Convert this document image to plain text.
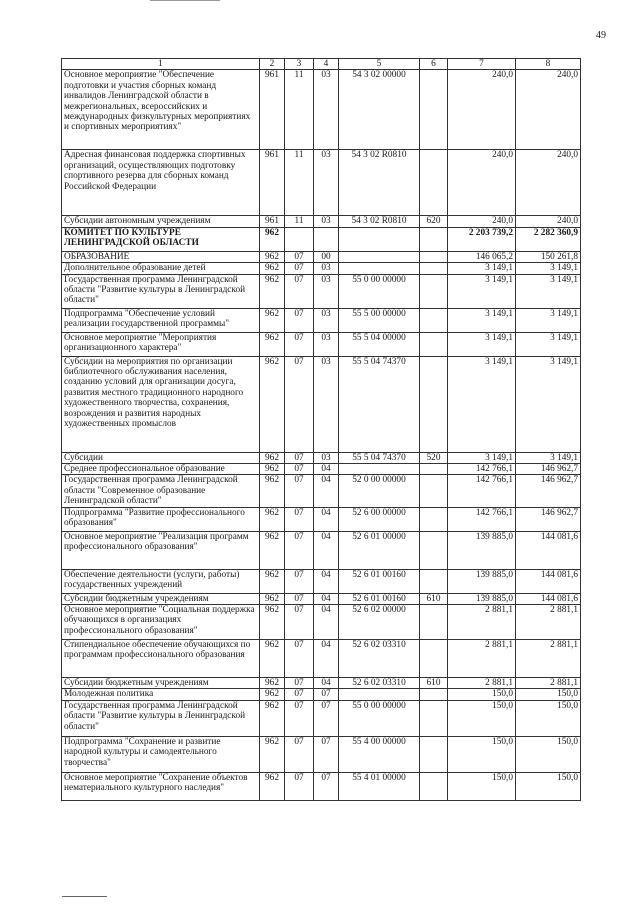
49
1	2	3	4	5	6	7	8
Основное мероприятие "Обеспечение подготовки и участия сборных команд инвалидов Ленинградской области в межрегиональных, всероссийских и международных физкультурных мероприятиях и спортивных мероприятиях"	961	11	03	54 3 02 00000		240,0	240,0
Адресная финансовая поддержка спортивных организаций, осуществляющих подготовку спортивного резерва для сборных команд Российской Федерации	961	11	03	54 3 02 R0810		240,0	240,0
Субсидии автономным учреждениям	961	11	03	54 3 02 R0810	620	240,0	240,0
КОМИТЕТ ПО КУЛЬТУРЕ ЛЕНИНГРАДСКОЙ ОБЛАСТИ	962					2 203 739,2	2 282 360,9
ОБРАЗОВАНИЕ	962	07	00			146 065,2	150 261,8
Дополнительное образование детей	962	07	03			3 149,1	3 149,1
Государственная программа Ленинградской области "Развитие культуры в Ленинградской области"	962	07	03	55 0 00 00000		3 149,1	3 149,1
Подпрограмма "Обеспечение условий реализации государственной программы"	962	07	03	55 5 00 00000		3 149,1	3 149,1
Основное мероприятие "Мероприятия организационного характера"	962	07	03	55 5 04 00000		3 149,1	3 149,1
Субсидии на мероприятия по организации библиотечного обслуживания населения, созданию условий для организации досуга, развития местного традиционного народного художественного творчества, сохранения, возрождения и развития народных художественных промыслов	962	07	03	55 5 04 74370		3 149,1	3 149,1
Субсидии	962	07	03	55 5 04 74370	520	3 149,1	3 149,1
Среднее профессиональное образование	962	07	04			142 766,1	146 962,7
Государственная программа Ленинградской области "Современное образование Ленинградской области"	962	07	04	52 0 00 00000		142 766,1	146 962,7
Подпрограмма "Развитие профессионального образования"	962	07	04	52 6 00 00000		142 766,1	146 962,7
Основное мероприятие "Реализация программ профессионального образования"	962	07	04	52 6 01 00000		139 885,0	144 081,6
Обеспечение деятельности (услуги, работы) государственных учреждений	962	07	04	52 6 01 00160		139 885,0	144 081,6
Субсидии бюджетным учреждениям	962	07	04	52 6 01 00160	610	139 885,0	144 081,6
Основное мероприятие "Социальная поддержка обучающихся в организациях профессионального образования"	962	07	04	52 6 02 00000		2 881,1	2 881,1
Стипендиальное обеспечение обучающихся по программам профессионального образования	962	07	04	52 6 02 03310		2 881,1	2 881,1
Субсидии бюджетным учреждениям	962	07	04	52 6 02 03310	610	2 881,1	2 881,1
Молодежная политика	962	07	07			150,0	150,0
Государственная программа Ленинградской области "Развитие культуры в Ленинградской области"	962	07	07	55 0 00 00000		150,0	150,0
Подпрограмма "Сохранение и развитие народной культуры и самодеятельного творчества"	962	07	07	55 4 00 00000		150,0	150,0
Основное мероприятие "Сохранение объектов нематериального культурного наследия"	962	07	07	55 4 01 00000		150,0	150,0
